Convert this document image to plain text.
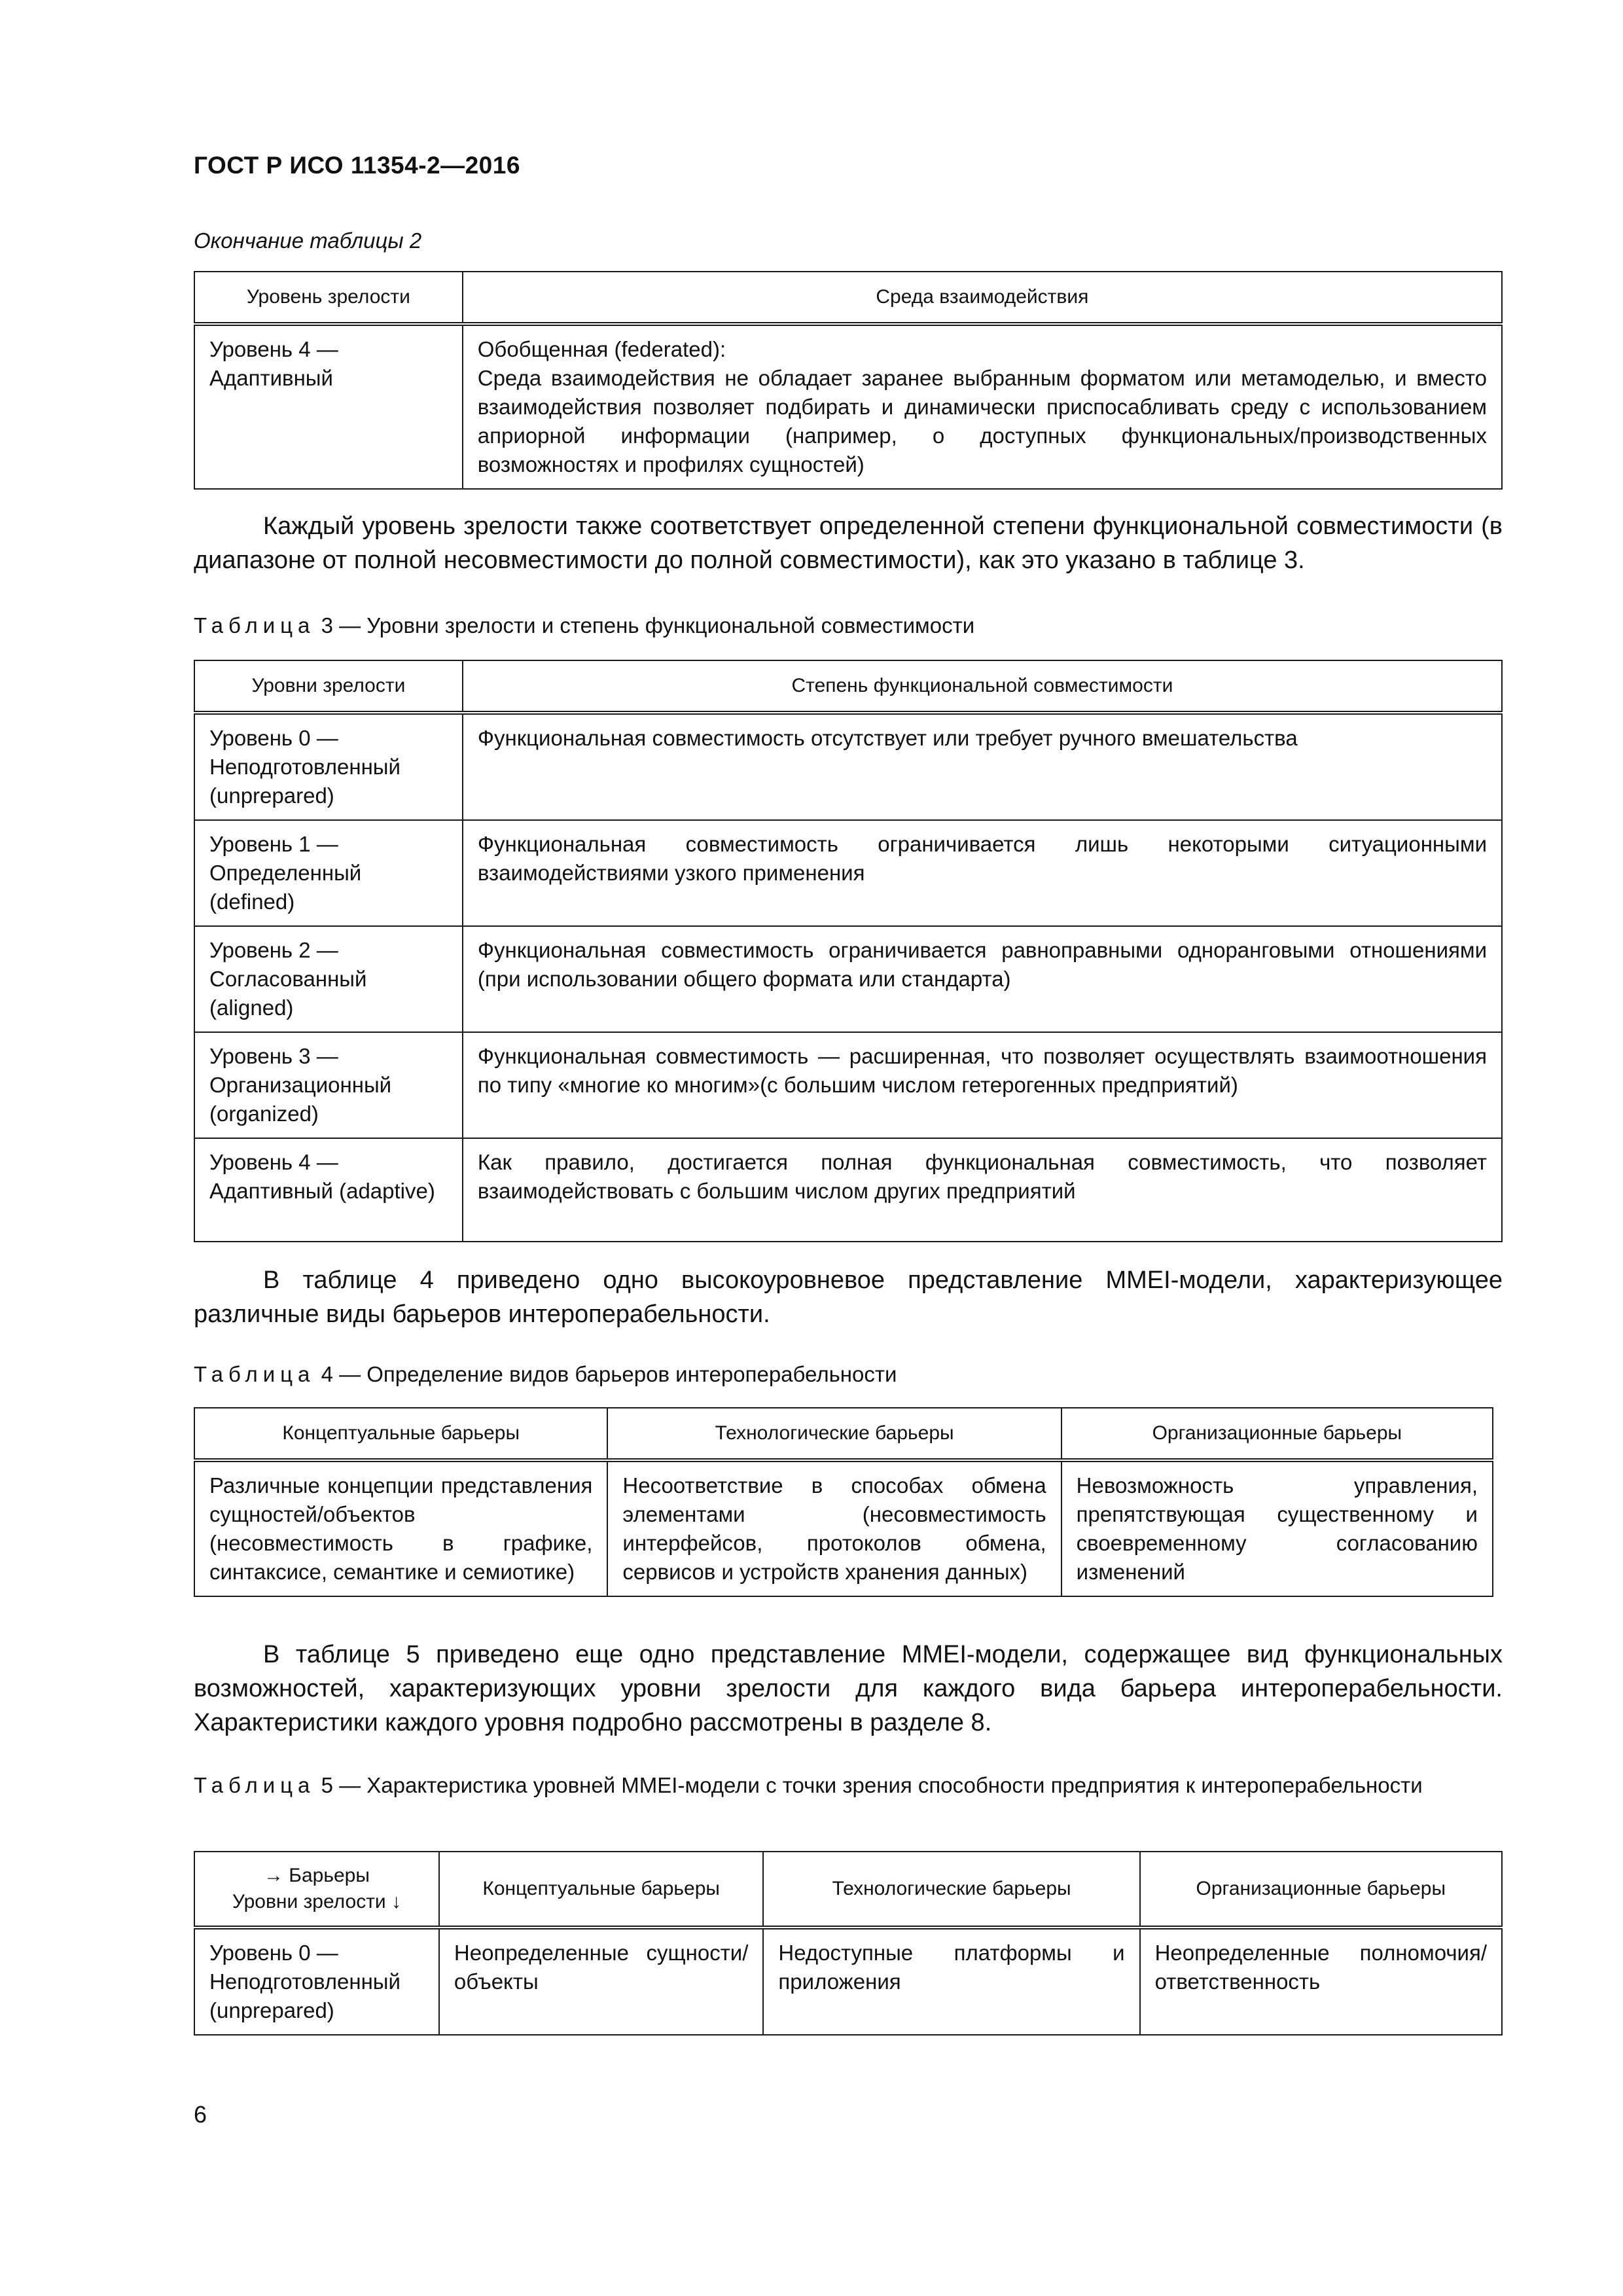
ГОСТ Р ИСО 11354-2—2016
Окончание таблицы 2
Уровень зрелости	Среда взаимодействия
Уровень 4 — Адаптивный	Обобщенная (federated):
Среда взаимодействия не обладает заранее выбранным форматом или метамоделью, и вместо взаимодействия позволяет подбирать и динамически приспосабливать среду с использованием априорной информации (например, о доступных функциональных/производственных возможностях и профилях сущностей)
Каждый уровень зрелости также соответствует определенной степени функциональной совместимости (в диапазоне от полной несовместимости до полной совместимости), как это указано в таблице 3.
Таблица 3 — Уровни зрелости и степень функциональной совместимости
Уровни зрелости	Степень функциональной совместимости
Уровень 0 — Неподготовленный (unprepared)	Функциональная совместимость отсутствует или требует ручного вмешательства
Уровень 1 — Определенный (defined)	Функциональная совместимость ограничивается лишь некоторыми ситуационными взаимодействиями узкого применения
Уровень 2 — Согласованный (aligned)	Функциональная совместимость ограничивается равноправными одноранговыми отношениями (при использовании общего формата или стандарта)
Уровень 3 — Организационный (organized)	Функциональная совместимость — расширенная, что позволяет осуществлять взаимоотношения по типу «многие ко многим»(с большим числом гетерогенных предприятий)
Уровень 4 — Адаптивный (adaptive)	Как правило, достигается полная функциональная совместимость, что позволяет взаимодействовать с большим числом других предприятий
В таблице 4 приведено одно высокоуровневое представление MMEI-модели, характеризующее различные виды барьеров интероперабельности.
Таблица 4 — Определение видов барьеров интероперабельности
Концептуальные барьеры	Технологические барьеры	Организационные барьеры
Различные концепции представления сущностей/объектов (несовместимость в графике, синтаксисе, семантике и семиотике)	Несоответствие в способах обмена элементами (несовместимость интерфейсов, протоколов обмена, сервисов и устройств хранения данных)	Невозможность управления, препятствующая существенному и своевременному согласованию изменений
В таблице 5 приведено еще одно представление MMEI-модели, содержащее вид функциональных возможностей, характеризующих уровни зрелости для каждого вида барьера интероперабельности. Характеристики каждого уровня подробно рассмотрены в разделе 8.
Таблица 5 — Характеристика уровней MMEI-модели с точки зрения способности предприятия к интероперабельности
→ Барьеры
Уровни зрелости ↓	Концептуальные барьеры	Технологические барьеры	Организационные барьеры
Уровень 0 — Неподготовленный (unprepared)	Неопределенные сущности/объекты	Недоступные платформы и приложения	Неопределенные полномочия/ответственность
6
